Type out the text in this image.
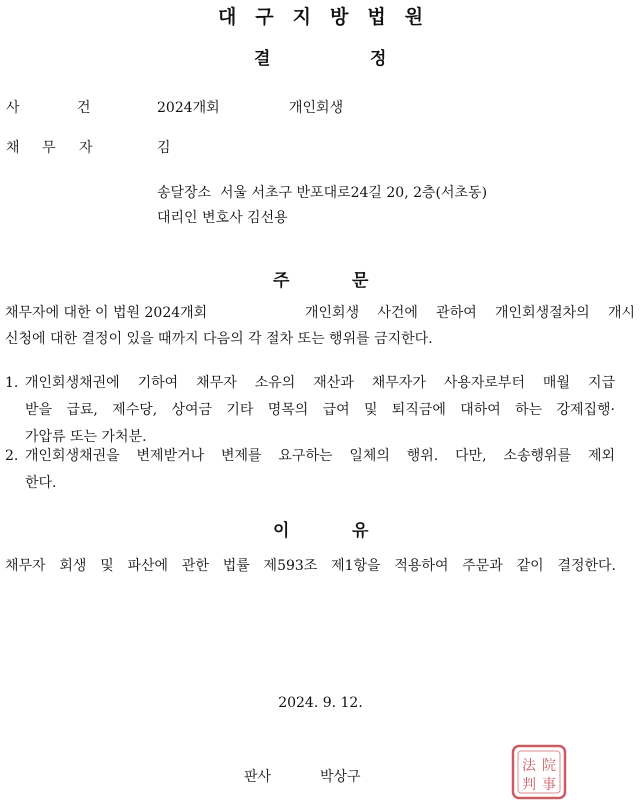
대구지방법원
결	정
사	건	2024개회	개인회생
채 무 자	김
송달장소  서울 서초구 반포대로24길 20, 2층(서초동)
대리인 변호사 김선용
주	문
채무자에 대한 이 법원 2024개회	개인회생 사건에 관하여 개인회생절차의 개시
신청에 대한 결정이 있을 때까지 다음의 각 절차 또는 행위를 금지한다.
1. 개인회생채권에 기하여 채무자 소유의 재산과 채무자가 사용자로부터 매월 지급
받을 급료, 제수당, 상여금 기타 명목의 급여 및 퇴직금에 대하여 하는 강제집행·
가압류 또는 가처분.
2. 개인회생채권을 변제받거나 변제를 요구하는 일체의 행위. 다만, 소송행위를 제외
한다.
이	유
채무자 회생 및 파산에 관한 법률 제593조 제1항을 적용하여 주문과 같이 결정한다.
2024. 9. 12.
판사	박상구
法 院
判 事
